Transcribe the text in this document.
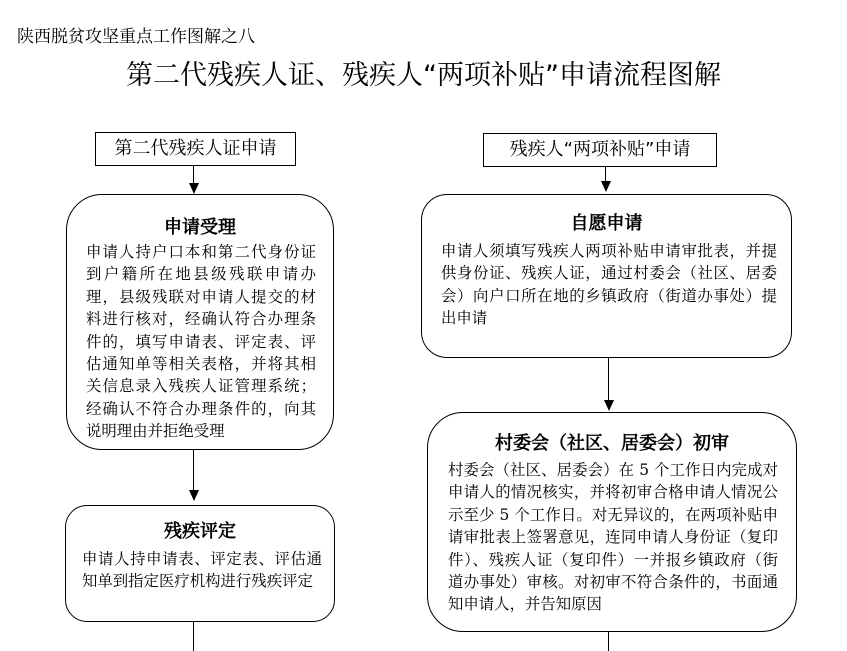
陕西脱贫攻坚重点工作图解之八
第二代残疾人证、残疾人“两项补贴”申请流程图解
第二代残疾人证申请
申请受理
申请人持户口本和第二代身份证到户籍所在地县级残联申请办理，县级残联对申请人提交的材料进行核对，经确认符合办理条件的，填写申请表、评定表、评估通知单等相关表格，并将其相关信息录入残疾人证管理系统；经确认不符合办理条件的，向其说明理由并拒绝受理
残疾评定
申请人持申请表、评定表、评估通知单到指定医疗机构进行残疾评定
残疾人“两项补贴”申请
自愿申请
申请人须填写残疾人两项补贴申请审批表，并提供身份证、残疾人证，通过村委会（社区、居委会）向户口所在地的乡镇政府（街道办事处）提出申请
村委会（社区、居委会）初审
村委会（社区、居委会）在 5 个工作日内完成对申请人的情况核实，并将初审合格申请人情况公示至少 5 个工作日。对无异议的，在两项补贴申请审批表上签署意见，连同申请人身份证（复印件）、残疾人证（复印件）一并报乡镇政府（街道办事处）审核。对初审不符合条件的，书面通知申请人，并告知原因
